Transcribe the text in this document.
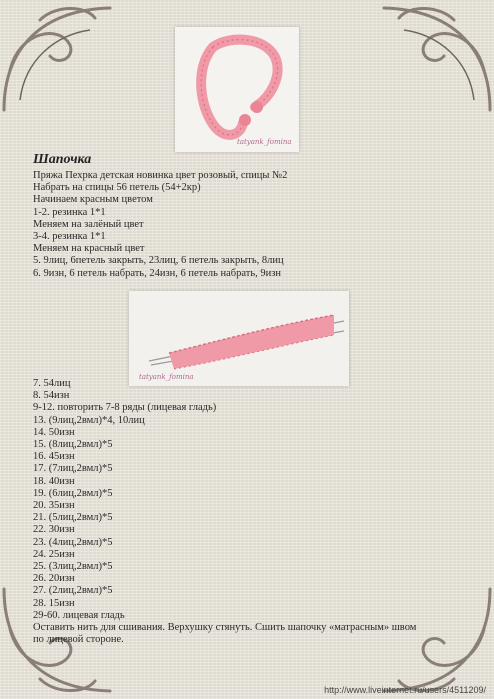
tatyank_fomina
Шапочка
Пряжа Пехрка детская новинка цвет розовый, спицы №2
Набрать на спицы 56 петель (54+2кр)
Начинаем красным цветом
1-2. резинка 1*1
Меняем на залёный цвет
3-4. резинка 1*1
Меняем на красный цвет
5. 9лиц, 6петель закрыть, 23лиц, 6 петель закрыть, 8лиц
6. 9изн, 6 петель набрать, 24изн, 6 петель набрать, 9изн
tatyank_fomina
7. 54лиц
8. 54изн
9-12. повторить 7-8 ряды (лицевая гладь)
13. (9лиц,2вмл)*4, 10лиц
14. 50изн
15. (8лиц,2вмл)*5
16. 45изн
17. (7лиц,2вмл)*5
18. 40изн
19. (6лиц,2вмл)*5
20. 35изн
21. (5лиц,2вмл)*5
22. 30изн
23. (4лиц,2вмл)*5
24. 25изн
25. (3лиц,2вмл)*5
26. 20изн
27. (2лиц,2вмл)*5
28. 15изн
29-60. лицевая гладь
Оставить нить для сшивания. Верхушку стянуть. Сшить шапочку «матрасным» швом
по лицевой стороне.
http://www.liveinternet.ru/users/4511209/
